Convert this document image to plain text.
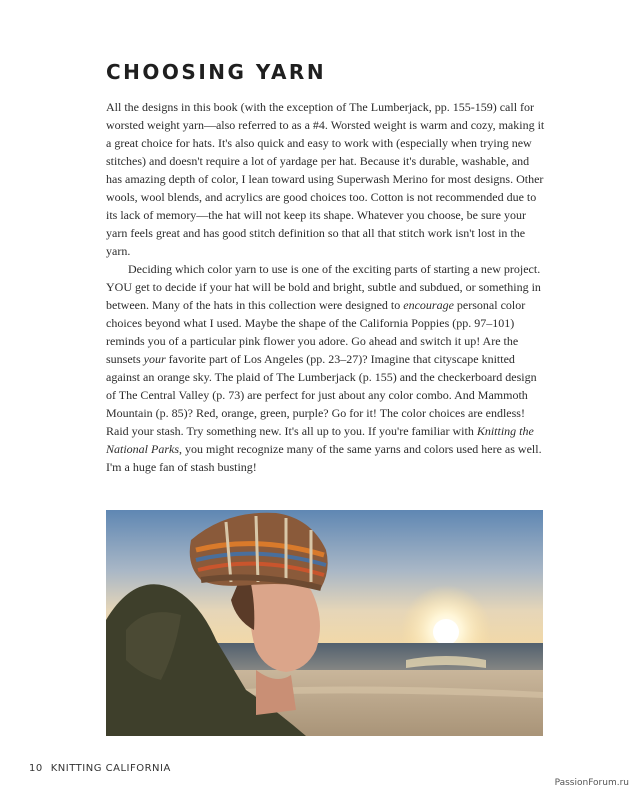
CHOOSING YARN

All the designs in this book (with the exception of The Lumberjack, pp. 155-159) call for worsted weight yarn—also referred to as a #4. Worsted weight is warm and cozy, making it a great choice for hats. It's also quick and easy to work with (especially when trying new stitches) and doesn't require a lot of yardage per hat. Because it's durable, washable, and has amazing depth of color, I lean toward using Superwash Merino for most designs. Other wools, wool blends, and acrylics are good choices too. Cotton is not recommended due to its lack of memory—the hat will not keep its shape. Whatever you choose, be sure your yarn feels great and has good stitch definition so that all that stitch work isn't lost in the yarn.

Deciding which color yarn to use is one of the exciting parts of starting a new project. YOU get to decide if your hat will be bold and bright, subtle and subdued, or something in between. Many of the hats in this collection were designed to encourage personal color choices beyond what I used. Maybe the shape of the California Poppies (pp. 97–101) reminds you of a particular pink flower you adore. Go ahead and switch it up! Are the sunsets your favorite part of Los Angeles (pp. 23–27)? Imagine that cityscape knitted against an orange sky. The plaid of The Lumberjack (p. 155) and the checkerboard design of The Central Valley (p. 73) are perfect for just about any color combo. And Mammoth Mountain (p. 85)? Red, orange, green, purple? Go for it! The color choices are endless! Raid your stash. Try something new. It's all up to you. If you're familiar with Knitting the National Parks, you might recognize many of the same yarns and colors used here as well. I'm a huge fan of stash busting!

10 KNITTING CALIFORNIA
PassionForum.ru
